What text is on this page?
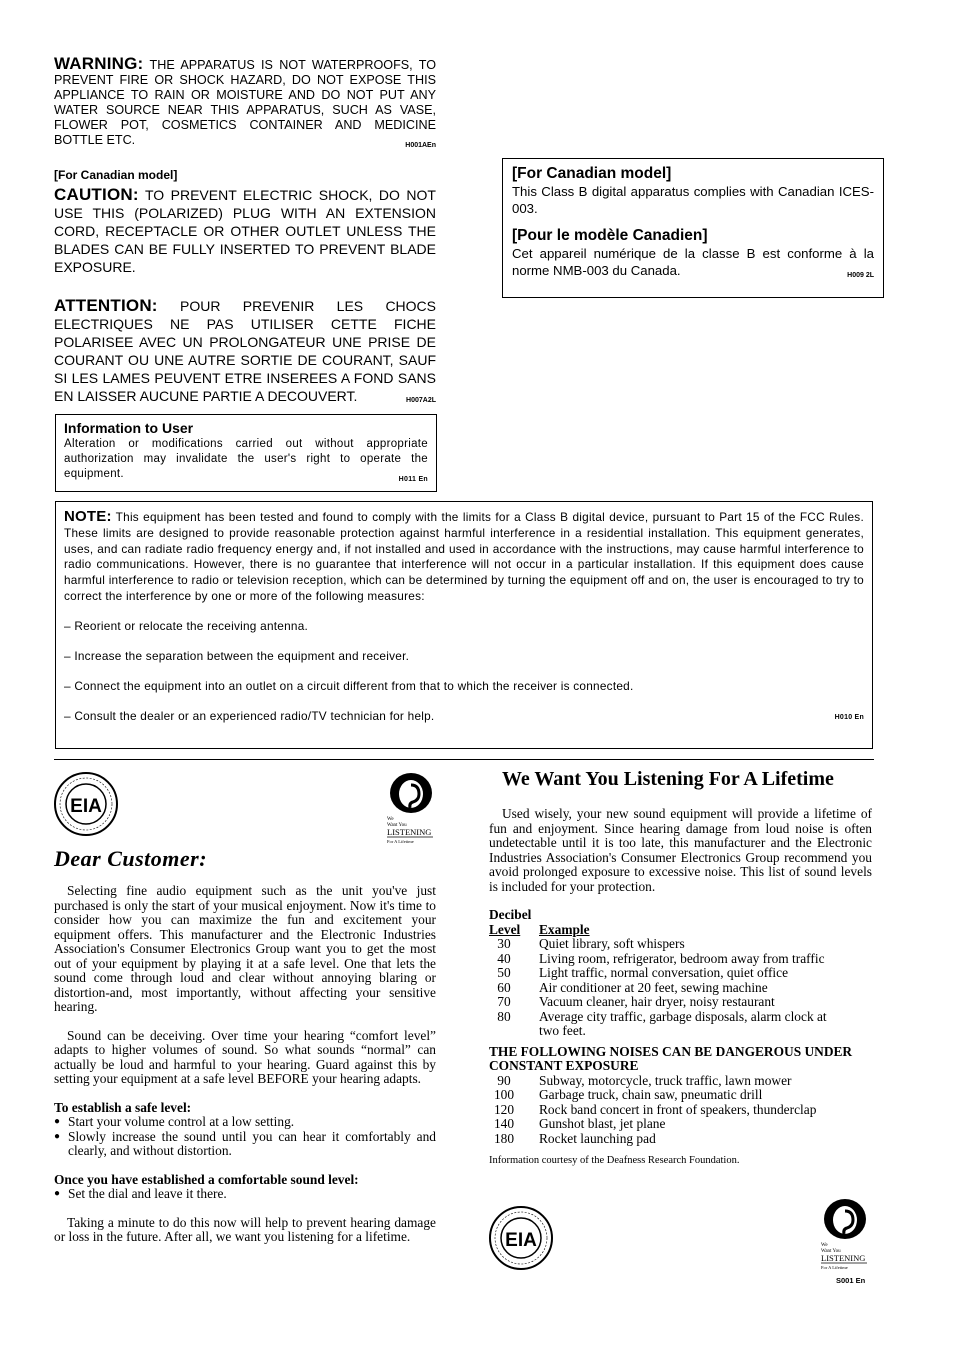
WARNING: THE APPARATUS IS NOT WATERPROOFS, TO PREVENT FIRE OR SHOCK HAZARD, DO NOT EXPOSE THIS APPLIANCE TO RAIN OR MOISTURE AND DO NOT PUT ANY WATER SOURCE NEAR THIS APPARATUS, SUCH AS VASE, FLOWER POT, COSMETICS CONTAINER AND MEDICINE BOTTLE ETC.	H001AEn
[For Canadian model]
CAUTION: TO PREVENT ELECTRIC SHOCK, DO NOT USE THIS (POLARIZED) PLUG WITH AN EXTENSION CORD, RECEPTACLE OR OTHER OUTLET UNLESS THE BLADES CAN BE FULLY INSERTED TO PREVENT BLADE EXPOSURE.
ATTENTION: POUR PREVENIR LES CHOCS ELECTRIQUES NE PAS UTILISER CETTE FICHE POLARISEE AVEC UN PROLONGATEUR UNE PRISE DE COURANT OU UNE AUTRE SORTIE DE COURANT, SAUF SI LES LAMES PEUVENT ETRE INSEREES A FOND SANS EN LAISSER AUCUNE PARTIE A DECOUVERT.	H007A2L
[For Canadian model]
This Class B digital apparatus complies with Canadian ICES-003.
[Pour le modèle Canadien]
Cet appareil numérique de la classe B est conforme à la norme NMB-003 du Canada.	H009 2L
Information to User
Alteration or modifications carried out without appropriate authorization may invalidate the user's right to operate the equipment.	H011 En
NOTE: This equipment has been tested and found to comply with the limits for a Class B digital device, pursuant to Part 15 of the FCC Rules. These limits are designed to provide reasonable protection against harmful interference in a residential installation. This equipment generates, uses, and can radiate radio frequency energy and, if not installed and used in accordance with the instructions, may cause harmful interference to radio communications. However, there is no guarantee that interference will not occur in a particular installation. If this equipment does cause harmful interference to radio or television reception, which can be determined by turning the equipment off and on, the user is encouraged to try to correct the interference by one or more of the following measures:
– Reorient or relocate the receiving antenna.
– Increase the separation between the equipment and receiver.
– Connect the equipment into an outlet on a circuit different from that to which the receiver is connected.
– Consult the dealer or an experienced radio/TV technician for help.	H010 En
EIA
We
Want You
LISTENING
For A Lifetime
Dear Customer:

Selecting fine audio equipment such as the unit you've just purchased is only the start of your musical enjoyment. Now it's time to consider how you can maximize the fun and excitement your equipment offers. This manufacturer and the Electronic Industries Association's Consumer Electronics Group want you to get the most out of your equipment by playing it at a safe level. One that lets the sound come through loud and clear without annoying blaring or distortion-and, most importantly, without affecting your sensitive hearing.

Sound can be deceiving. Over time your hearing “comfort level” adapts to higher volumes of sound. So what sounds “normal” can actually be loud and harmful to your hearing. Guard against this by setting your equipment at a safe level BEFORE your hearing adapts.

To establish a safe level:
● Start your volume control at a low setting.
● Slowly increase the sound until you can hear it comfortably and clearly, and without distortion.
Once you have established a comfortable sound level:
● Set the dial and leave it there.

Taking a minute to do this now will help to prevent hearing damage or loss in the future. After all, we want you listening for a lifetime.

We Want You Listening For A Lifetime

Used wisely, your new sound equipment will provide a lifetime of fun and enjoyment. Since hearing damage from loud noise is often undetectable until it is too late, this manufacturer and the Electronic Industries Association's Consumer Electronics Group recommend you avoid prolonged exposure to excessive noise. This list of sound levels is included for your protection.

Decibel
Level Example
30	Quiet library, soft whispers
40	Living room, refrigerator, bedroom away from traffic
50	Light traffic, normal conversation, quiet office
60	Air conditioner at 20 feet, sewing machine
70	Vacuum cleaner, hair dryer, noisy restaurant
80	Average city traffic, garbage disposals, alarm clock at two feet.
THE FOLLOWING NOISES CAN BE DANGEROUS UNDER CONSTANT EXPOSURE
90	Subway, motorcycle, truck traffic, lawn mower
100	Garbage truck, chain saw, pneumatic drill
120	Rock band concert in front of speakers, thunderclap
140	Gunshot blast, jet plane
180	Rocket launching pad
Information courtesy of the Deafness Research Foundation.
EIA	We
Want You
LISTENING
For A Lifetime
S001 En
